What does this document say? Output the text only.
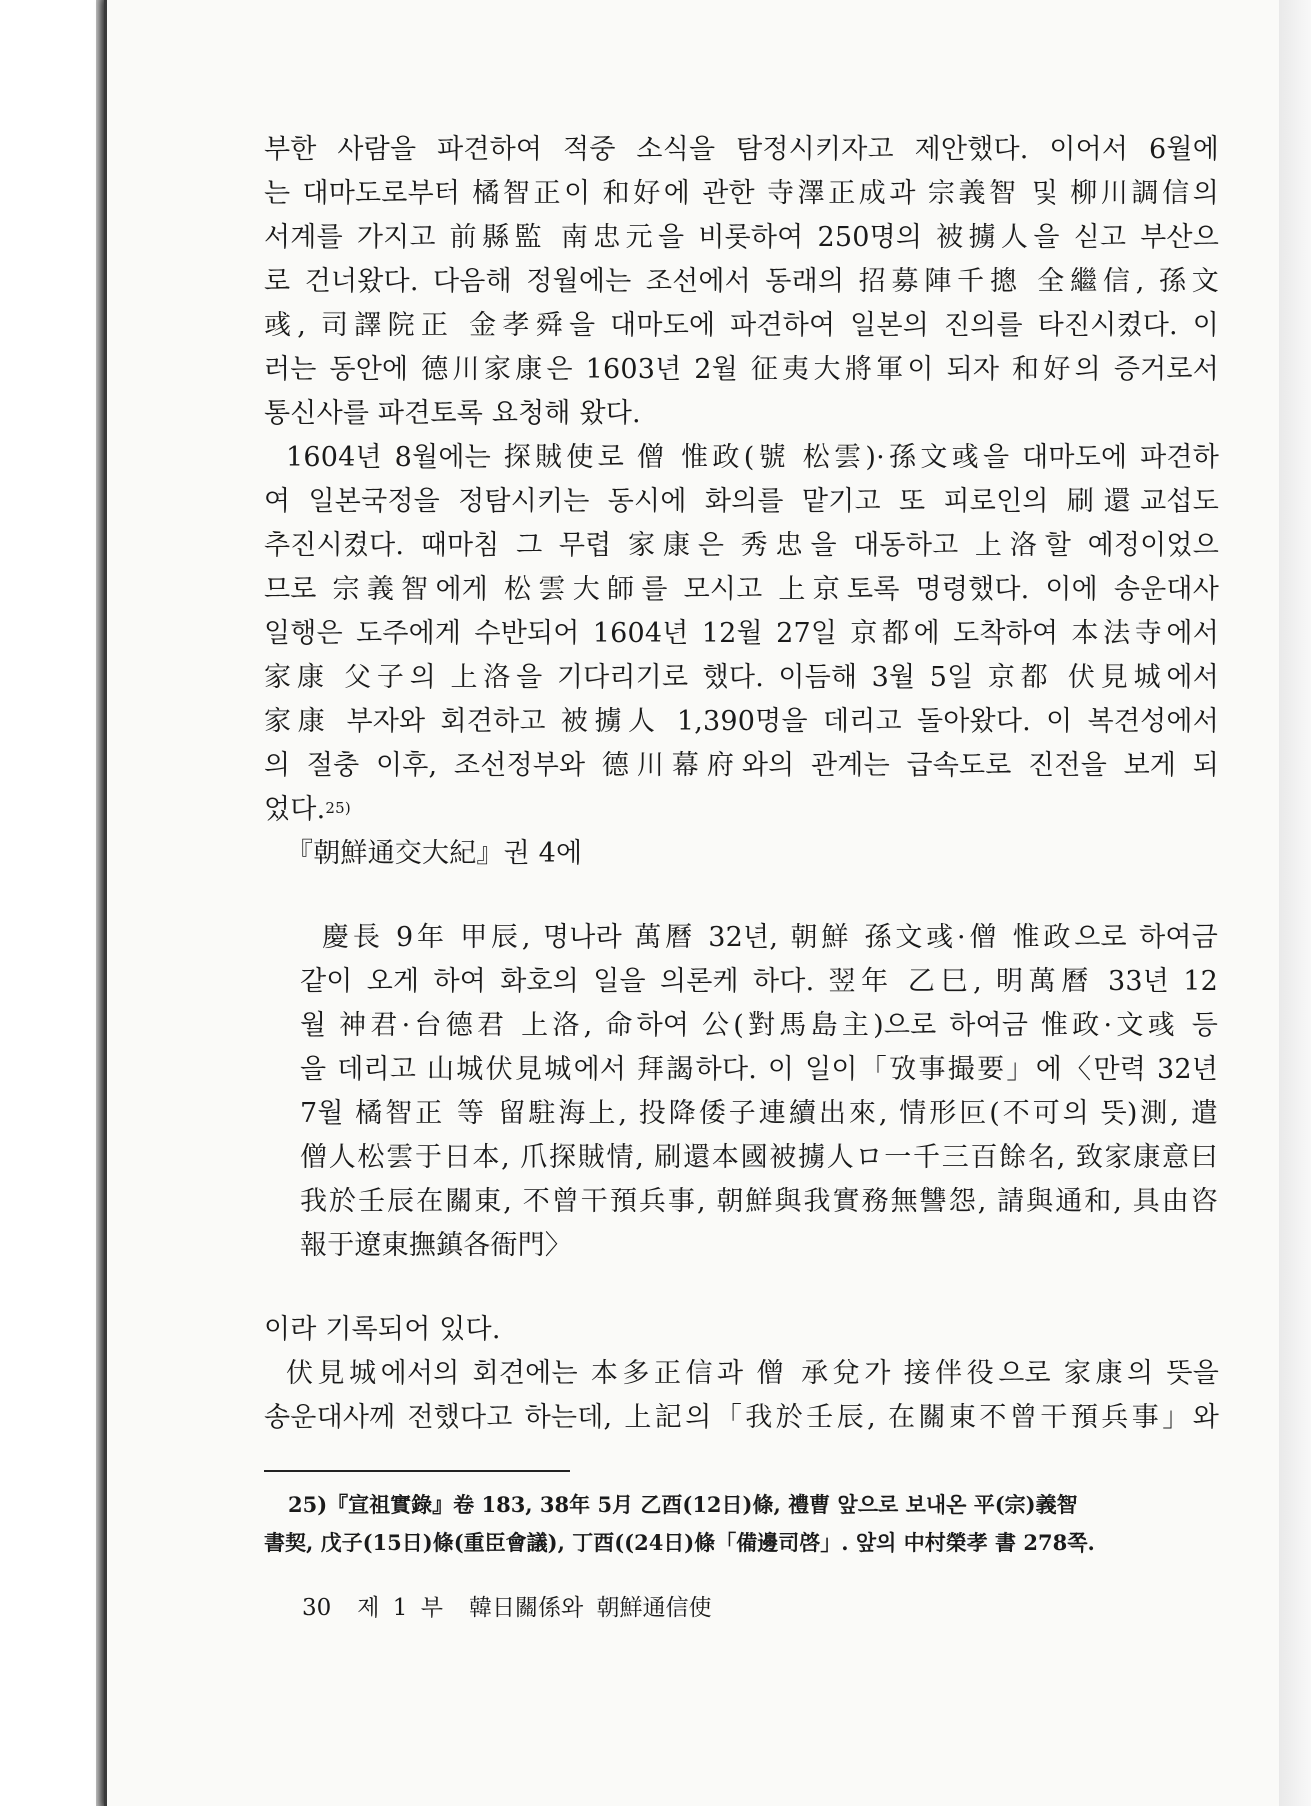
부한 사람을 파견하여 적중 소식을 탐정시키자고 제안했다. 이어서 6월에
는 대마도로부터 橘智正이 和好에 관한 寺澤正成과 宗義智 및 柳川調信의
서계를 가지고 前縣監 南忠元을 비롯하여 250명의 被擄人을 싣고 부산으
로 건너왔다. 다음해 정월에는 조선에서 동래의 招募陣千摠 全繼信, 孫文
彧, 司譯院正 金孝舜을 대마도에 파견하여 일본의 진의를 타진시켰다. 이
러는 동안에 德川家康은 1603년 2월 征夷大將軍이 되자 和好의 증거로서
통신사를 파견토록 요청해 왔다.
1604년 8월에는 探賊使로 僧 惟政(號 松雲)·孫文彧을 대마도에 파견하
여 일본국정을 정탐시키는 동시에 화의를 맡기고 또 피로인의 刷還교섭도
추진시켰다. 때마침 그 무렵 家康은 秀忠을 대동하고 上洛할 예정이었으
므로 宗義智에게 松雲大師를 모시고 上京토록 명령했다. 이에 송운대사
일행은 도주에게 수반되어 1604년 12월 27일 京都에 도착하여 本法寺에서
家康 父子의 上洛을 기다리기로 했다. 이듬해 3월 5일 京都 伏見城에서
家康 부자와 회견하고 被擄人 1,390명을 데리고 돌아왔다. 이 복견성에서
의 절충 이후, 조선정부와 德川幕府와의 관계는 급속도로 진전을 보게 되
었다.$^{25)}$
『朝鮮通交大紀』권 4에
慶長 9年 甲辰, 명나라 萬曆 32년, 朝鮮 孫文彧·僧 惟政으로 하여금
같이 오게 하여 화호의 일을 의론케 하다. 翌年 乙巳, 明萬曆 33년 12
월 神君·台德君 上洛, 命하여 公(對馬島主)으로 하여금 惟政·文彧 등
을 데리고 山城伏見城에서 拜謁하다. 이 일이「攷事撮要」에〈만력 32년
7월 橘智正 等 留駐海上, 投降倭子連續出來, 情形叵(不可의 뜻)測, 遣
僧人松雲于日本, 爪探賊情, 刷還本國被擄人ロ一千三百餘名, 致家康意曰
我於壬辰在關東, 不曾干預兵事, 朝鮮與我實務無讐怨, 請與通和, 具由咨
報于遼東撫鎮各衙門〉
이라 기록되어 있다.
伏見城에서의 회견에는 本多正信과 僧 承兌가 接伴役으로 家康의 뜻을
송운대사께 전했다고 하는데, 上記의「我於壬辰, 在關東不曾干預兵事」와
25)『宣祖實錄』卷 183, 38年 5月 乙酉(12日)條, 禮曹 앞으로 보내온 平(宗)義智
書契, 戊子(15日)條(重臣會議), 丁酉((24日)條「備邊司啓」. 앞의 中村榮孝 書 278쪽.
30 제 1 부 韓日關係와 朝鮮通信使
